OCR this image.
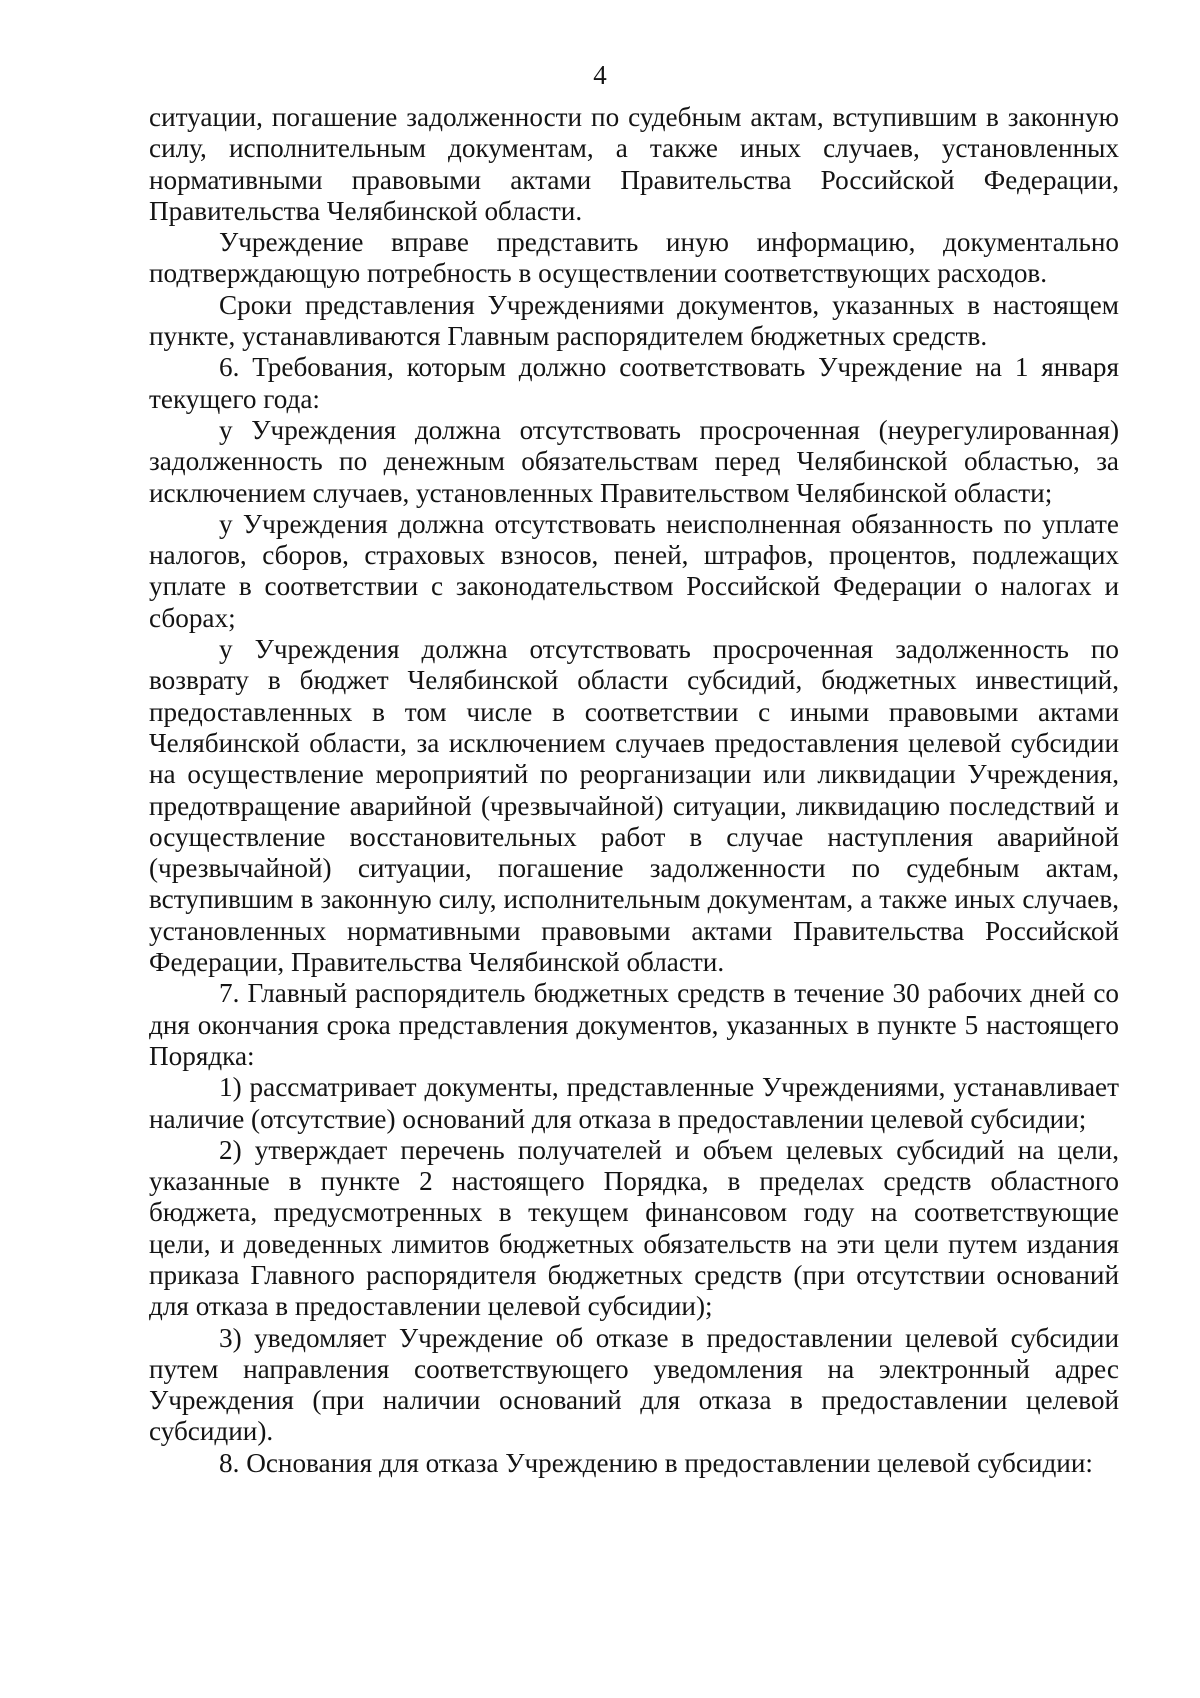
4

ситуации, погашение задолженности по судебным актам, вступившим в законную силу, исполнительным документам, а также иных случаев, установленных нормативными правовыми актами Правительства Российской Федерации, Правительства Челябинской области.

Учреждение вправе представить иную информацию, документально подтверждающую потребность в осуществлении соответствующих расходов.

Сроки представления Учреждениями документов, указанных в настоящем пункте, устанавливаются Главным распорядителем бюджетных средств.

6. Требования, которым должно соответствовать Учреждение на 1 января текущего года:

у Учреждения должна отсутствовать просроченная (неурегулированная) задолженность по денежным обязательствам перед Челябинской областью, за исключением случаев, установленных Правительством Челябинской области;

у Учреждения должна отсутствовать неисполненная обязанность по уплате налогов, сборов, страховых взносов, пеней, штрафов, процентов, подлежащих уплате в соответствии с законодательством Российской Федерации о налогах и сборах;

у Учреждения должна отсутствовать просроченная задолженность по возврату в бюджет Челябинской области субсидий, бюджетных инвестиций, предоставленных в том числе в соответствии с иными правовыми актами Челябинской области, за исключением случаев предоставления целевой субсидии на осуществление мероприятий по реорганизации или ликвидации Учреждения, предотвращение аварийной (чрезвычайной) ситуации, ликвидацию последствий и осуществление восстановительных работ в случае наступления аварийной (чрезвычайной) ситуации, погашение задолженности по судебным актам, вступившим в законную силу, исполнительным документам, а также иных случаев, установленных нормативными правовыми актами Правительства Российской Федерации, Правительства Челябинской области.

7. Главный распорядитель бюджетных средств в течение 30 рабочих дней со дня окончания срока представления документов, указанных в пункте 5 настоящего Порядка:

1) рассматривает документы, представленные Учреждениями, устанавливает наличие (отсутствие) оснований для отказа в предоставлении целевой субсидии;

2) утверждает перечень получателей и объем целевых субсидий на цели, указанные в пункте 2 настоящего Порядка, в пределах средств областного бюджета, предусмотренных в текущем финансовом году на соответствующие цели, и доведенных лимитов бюджетных обязательств на эти цели путем издания приказа Главного распорядителя бюджетных средств (при отсутствии оснований для отказа в предоставлении целевой субсидии);

3) уведомляет Учреждение об отказе в предоставлении целевой субсидии путем направления соответствующего уведомления на электронный адрес Учреждения (при наличии оснований для отказа в предоставлении целевой субсидии).

8. Основания для отказа Учреждению в предоставлении целевой субсидии:
